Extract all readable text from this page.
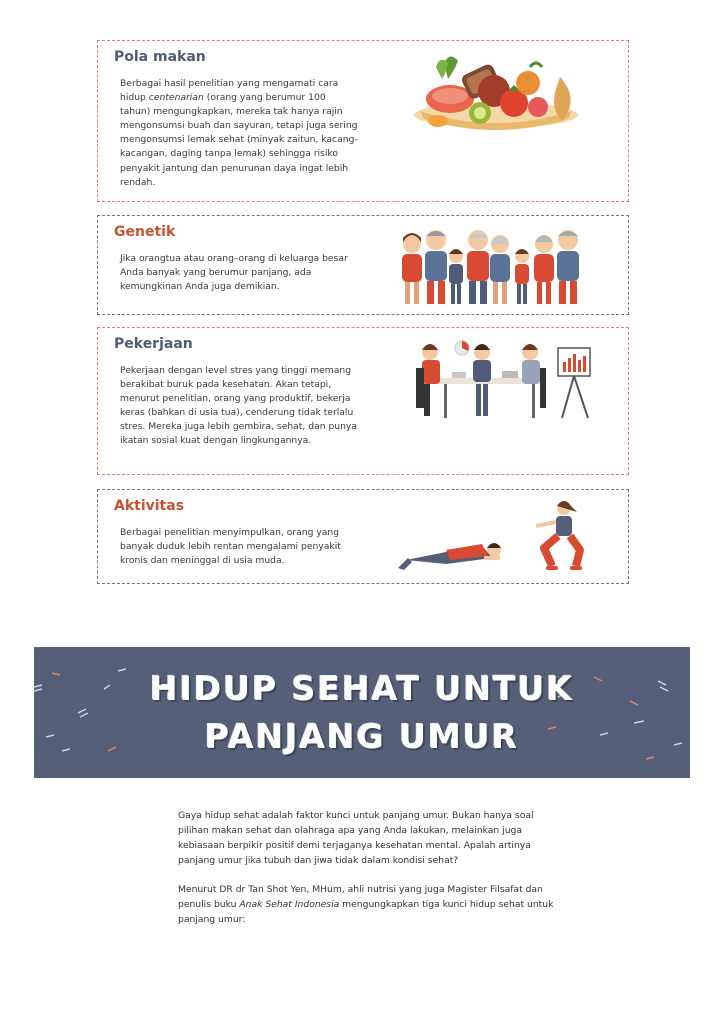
Pola makan

Berbagai hasil penelitian yang mengamati cara hidup centenarian (orang yang berumur 100 tahun) mengungkapkan, mereka tak hanya rajin mengonsumsi buah dan sayuran, tetapi juga sering mengonsumsi lemak sehat (minyak zaitun, kacang-kacangan, daging tanpa lemak) sehingga risiko penyakit jantung dan penurunan daya ingat lebih rendah.

Genetik

Jika orangtua atau orang–orang di keluarga besar Anda banyak yang berumur panjang, ada kemungkinan Anda juga demikian.

Pekerjaan

Pekerjaan dengan level stres yang tinggi memang berakibat buruk pada kesehatan. Akan tetapi, menurut penelitian, orang yang produktif, bekerja keras (bahkan di usia tua), cenderung tidak terlalu stres. Mereka juga lebih gembira, sehat, dan punya ikatan sosial kuat dengan lingkungannya.

Aktivitas

Berbagai penelitian menyimpulkan, orang yang banyak duduk lebih rentan mengalami penyakit kronis dan meninggal di usia muda.

HIDUP SEHAT UNTUK
PANJANG UMUR

Gaya hidup sehat adalah faktor kunci untuk panjang umur. Bukan hanya soal pilihan makan sehat dan olahraga apa yang Anda lakukan, melainkan juga kebiasaan berpikir positif demi terjaganya kesehatan mental. Apalah artinya panjang umur jika tubuh dan jiwa tidak dalam kondisi sehat?

Menurut DR dr Tan Shot Yen, MHum, ahli nutrisi yang juga Magister Filsafat dan penulis buku Anak Sehat Indonesia mengungkapkan tiga kunci hidup sehat untuk panjang umur:
